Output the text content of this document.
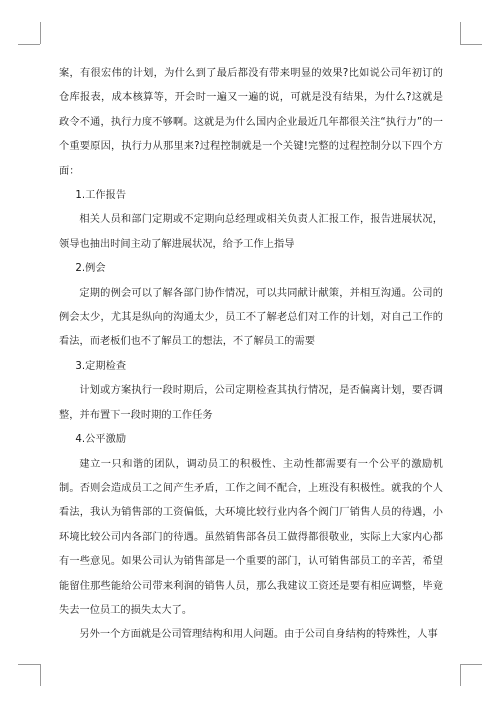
案，有很宏伟的计划，为什么到了最后都没有带来明显的效果?比如说公司年初订的仓库报表，成本核算等，开会时一遍又一遍的说，可就是没有结果，为什么?这就是政令不通，执行力度不够啊。这就是为什么国内企业最近几年都很关注“执行力”的一个重要原因，执行力从那里来?过程控制就是一个关键!完整的过程控制分以下四个方面：

1.工作报告

相关人员和部门定期或不定期向总经理或相关负责人汇报工作，报告进展状况，领导也抽出时间主动了解进展状况，给予工作上指导

2.例会

定期的例会可以了解各部门协作情况，可以共同献计献策，并相互沟通。公司的例会太少，尤其是纵向的沟通太少，员工不了解老总们对工作的计划，对自己工作的看法，而老板们也不了解员工的想法，不了解员工的需要

3.定期检查

计划或方案执行一段时期后，公司定期检查其执行情况，是否偏离计划，要否调整，并布置下一段时期的工作任务

4.公平激励

建立一只和谐的团队，调动员工的积极性、主动性都需要有一个公平的激励机制。否则会造成员工之间产生矛盾，工作之间不配合，上班没有积极性。就我的个人看法，我认为销售部的工资偏低，大环境比较行业内各个阀门厂销售人员的待遇，小环境比较公司内各部门的待遇。虽然销售部各员工做得都很敬业，实际上大家内心都有一些意见。如果公司认为销售部是一个重要的部门，认可销售部员工的辛苦，希望能留住那些能给公司带来利润的销售人员，那么我建议工资还是要有相应调整，毕竟失去一位员工的损失太大了。

另外一个方面就是公司管理结构和用人问题。由于公司自身结构的特殊性，人事
